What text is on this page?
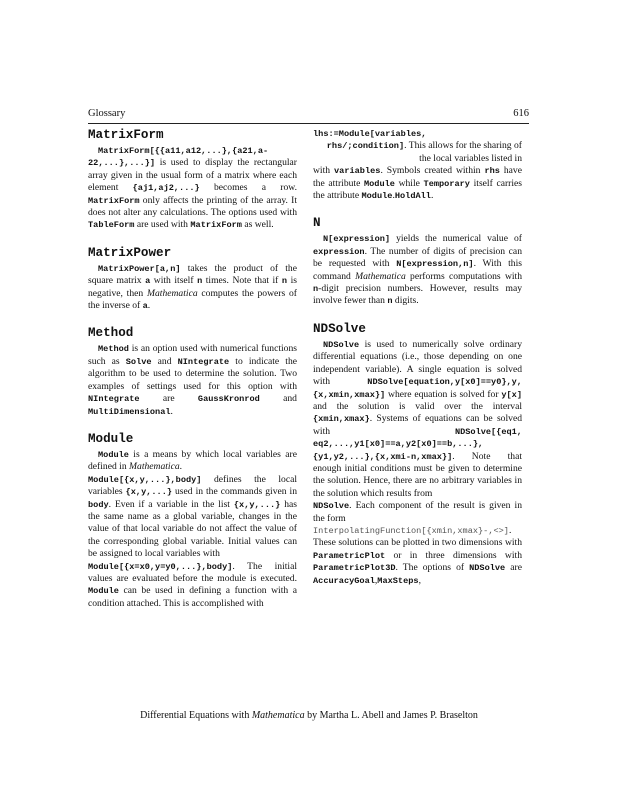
Glossary	616
MatrixForm

MatrixForm[{{a11,a12,...},{a21,a-22,...},...}] is used to display the rectangular array given in the usual form of a matrix where each element {aj1,aj2,...} becomes a row. MatrixForm only affects the printing of the array. It does not alter any calculations. The options used with TableForm are used with MatrixForm as well.

MatrixPower

MatrixPower[a,n] takes the product of the square matrix a with itself n times. Note that if n is negative, then Mathematica computes the powers of the inverse of a.

Method

Method is an option used with numerical functions such as Solve and NIntegrate to indicate the algorithm to be used to determine the solution. Two examples of settings used for this option with NIntegrate are GaussKronrod and MultiDimensional.

Module

Module is a means by which local variables are defined in Mathematica.

Module[{x,y,...},body] defines the local variables {x,y,...} used in the commands given in body. Even if a variable in the list {x,y,...} has the same name as a global variable, changes in the value of that local variable do not affect the value of the corresponding global variable. Initial values can be assigned to local variables with

Module[{x=x0,y=y0,...},body]. The initial values are evaluated before the module is executed. Module can be used in defining a function with a condition attached. This is accomplished with

lhs:=Module[variables,

rhs/;condition]. This allows for the sharing of the local variables listed in

with variables. Symbols created within rhs have the attribute Module while Temporary itself carries the attribute Module.HoldAll.

N

N[expression] yields the numerical value of expression. The number of digits of precision can be requested with N[expression,n]. With this command Mathematica performs computations with n-digit precision numbers. However, results may involve fewer than n digits.

NDSolve

NDSolve is used to numerically solve ordinary differential equations (i.e., those depending on one independent variable). A single equation is solved with NDSolve[equation,y[x0]==y0},y,{x,xmin,xmax}] where equation is solved for y[x] and the solution is valid over the interval {xmin,xmax}. Systems of equations can be solved with NDSolve[{eq1, eq2,...,y1[x0]==a,y2[x0]==b,...},{y1,y2,...},{x,xmi-n,xmax}]. Note that enough initial conditions must be given to determine the solution. Hence, there are no arbitrary variables in the solution which results from

NDSolve. Each component of the result is given in the form

InterpolatingFunction[{xmin,xmax}-,<>]. These solutions can be plotted in two dimensions with ParametricPlot or in three dimensions with ParametricPlot3D. The options of NDSolve are AccuracyGoal,MaxSteps,

Differential Equations with Mathematica by Martha L. Abell and James P. Braselton
